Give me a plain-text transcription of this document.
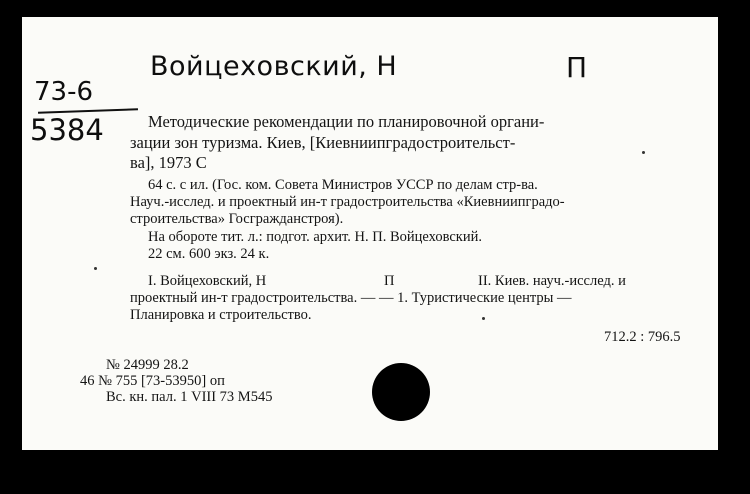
Войцеховский, Н	П
73-6
5384	Методические рекомендации по планировочной органи-
зации зон туризма. Киев, [Киевниипградостроительст-
ва], 1973 С
64 с. с ил. (Гос. ком. Совета Министров УССР по делам стр-ва.
Науч.-исслед. и проектный ин-т градостроительства «Киевниипградо-
строительства» Госгражданстроя).
На обороте тит. л.: подгот. архит. Н. П. Войцеховский.
22 см. 600 экз. 24 к.
I. Войцеховский, Н	П	II. Киев. науч.-исслед. и
проектный ин-т градостроительства. — — 1. Туристические центры —
Планировка и строительство.
712.2 : 796.5
№ 24999 28.2
46 № 755 [73-53950] оп
Вс. кн. пал. 1 VIII 73 М545
